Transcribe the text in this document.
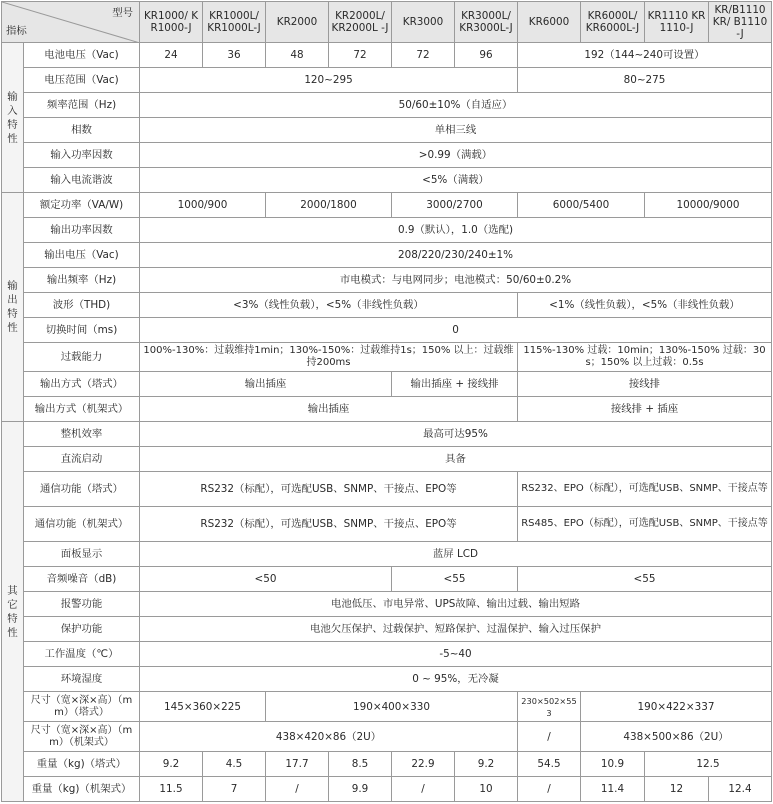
型号
指标		KR1000/ KR1000-J	KR1000L/ KR1000L-J	KR2000	KR2000L/ KR2000L -J	KR3000	KR3000L/ KR3000L-J	KR6000	KR6000L/ KR6000L-J	KR1110 KR1110-J	KR/B1110 KR/ B1110-J

输入特性	电池电压（Vac)	24	36	48	72	72	96	192（144~240可设置）			
	电压范围（Vac)	120~295						80~275			
	频率范围（Hz)	50/60±10%（自适应）									
	相数	单相三线									
	输入功率因数	>0.99（满载）									
	输入电流谐波	<5%（满载）									

输出特性	额定功率（VA/W)	1000/900		2000/1800		3000/2700		6000/5400		10000/9000	
	输出功率因数	0.9（默认），1.0（选配)									
	输出电压（Vac)	208/220/230/240±1%									
	输出频率（Hz)	市电模式：与电网同步；电池模式：50/60±0.2%									
	波形（THD)	<3%（线性负载），<5%（非线性负载）						<1%（线性负载），<5%（非线性负载）			
	切换时间（ms)	0									
	过载能力	100%-130%：过载维持1min；130%-150%：过载维持1s；150% 以上：过载维持200ms						115%-130% 过载：10min；130%-150% 过载：30s；150% 以上过载：0.5s			
	输出方式（塔式）	输出插座				输出插座 + 接线排		接线排			
	输出方式（机架式）	输出插座						接线排 + 插座			

其它特性	整机效率	最高可达95%									
	直流启动	具备									
	通信功能（塔式）	RS232（标配），可选配USB、SNMP、干接点、EPO等						RS232、EPO（标配），可选配USB、SNMP、干接点等			
	通信功能（机架式）	RS232（标配），可选配USB、SNMP、干接点、EPO等						RS485、EPO（标配），可选配USB、SNMP、干接点等			
	面板显示	蓝屏 LCD									
	音频噪音（dB)	<50				<55		<55			
	报警功能	电池低压、市电异常、UPS故障、输出过载、输出短路									
	保护功能	电池欠压保护、过载保护、短路保护、过温保护、输入过压保护									
	工作温度（℃）	-5~40									
	环境湿度	0 ~ 95%，无冷凝									
	尺寸（宽×深×高）（mm）（塔式）	145×360×225		190×400×330				230×502×553	190×422×337		
	尺寸（宽×深×高）（mm）（机架式）	438×420×86（2U）						/	438×500×86（2U）		
	重量（kg)（塔式）	9.2	4.5	17.7	8.5	22.9	9.2	54.5	10.9	12.5	
	重量（kg)（机架式）	11.5	7	/	9.9	/	10	/	11.4	12	12.4
